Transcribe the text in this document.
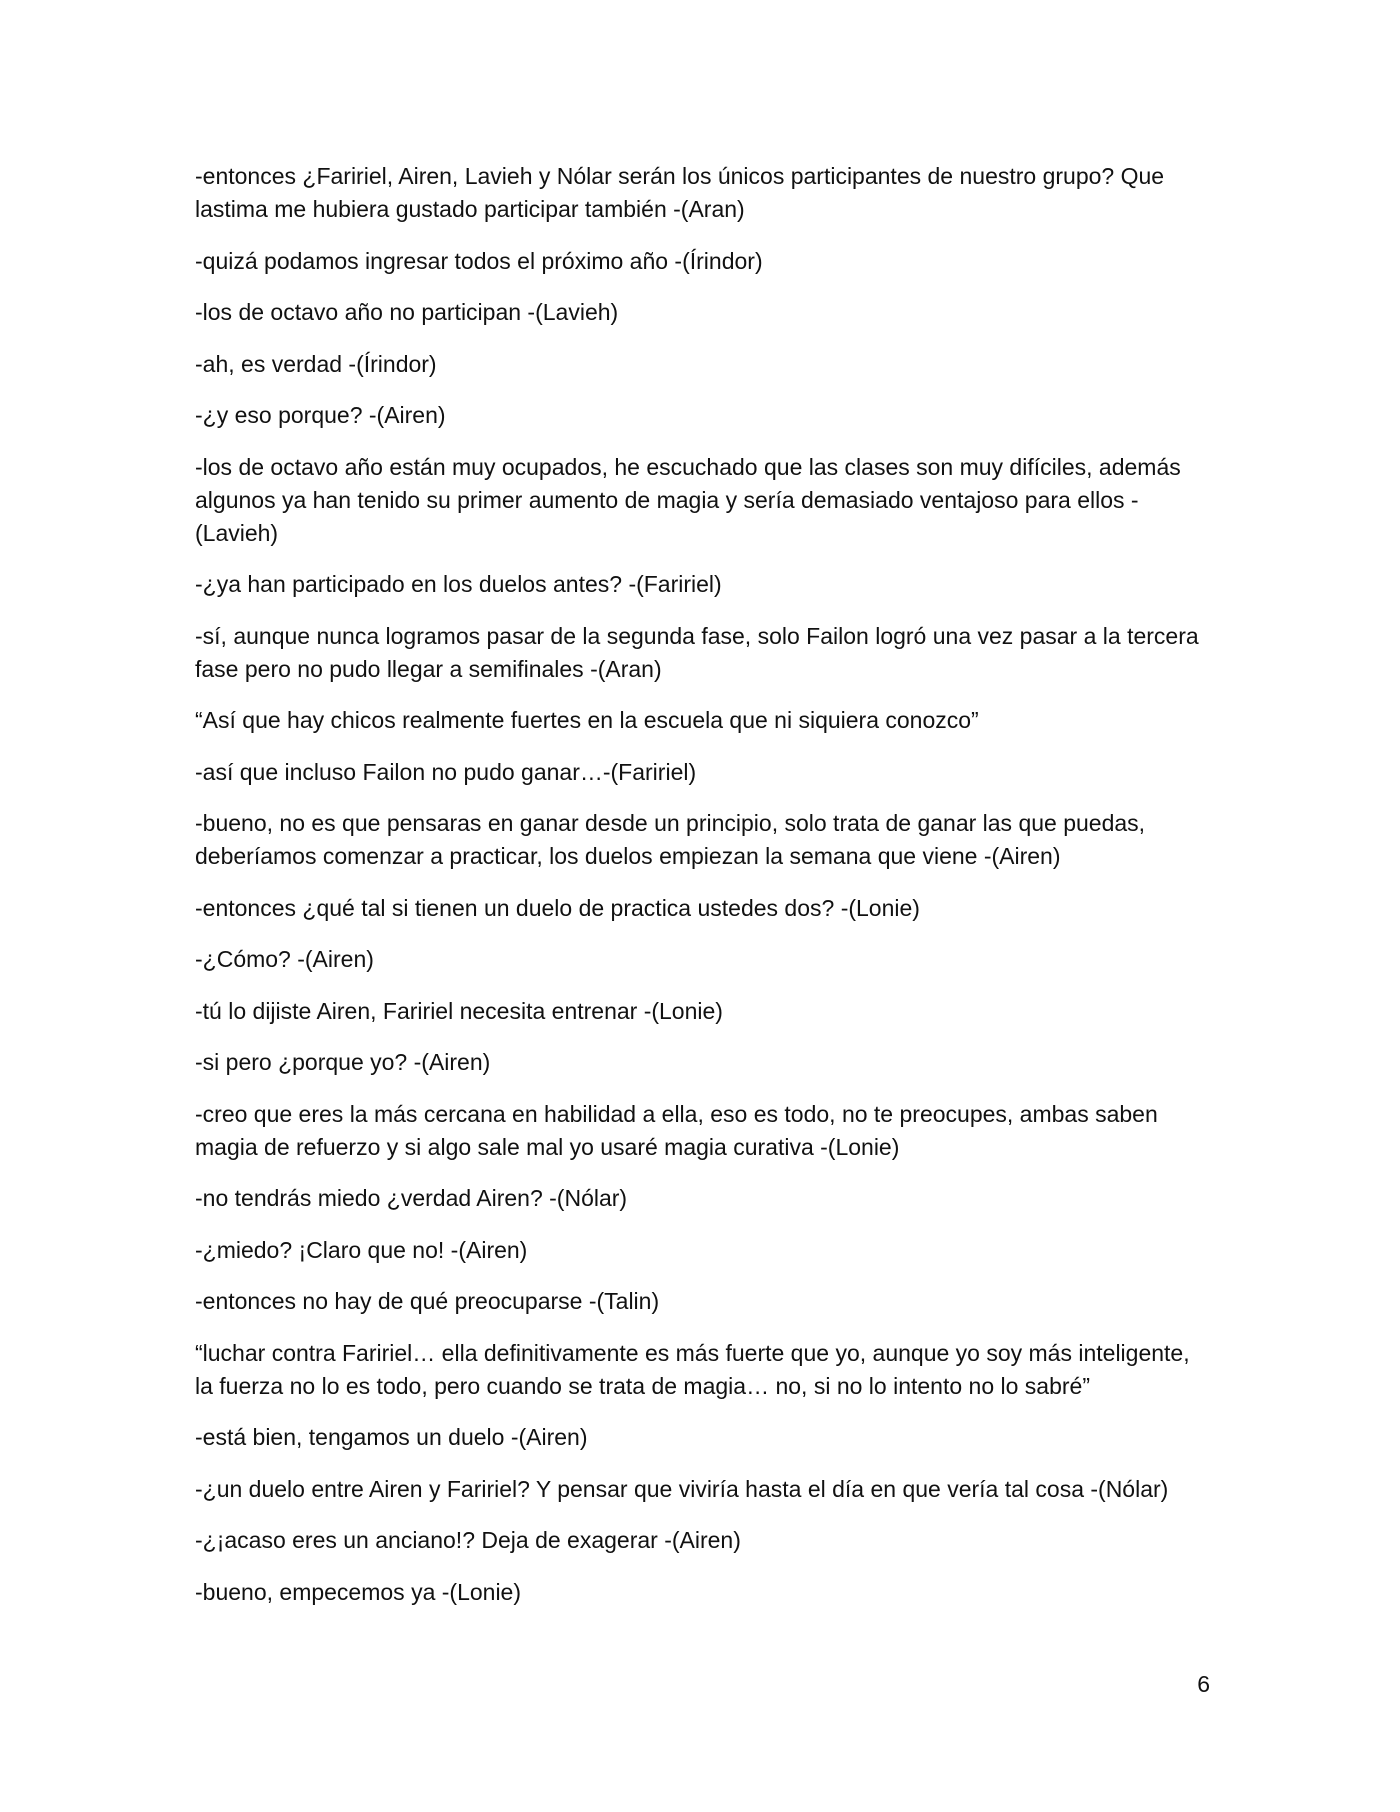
-entonces ¿Faririel, Airen, Lavieh y Nólar serán los únicos participantes de nuestro grupo? Que lastima me hubiera gustado participar también -(Aran)

-quizá podamos ingresar todos el próximo año -(Írindor)

-los de octavo año no participan -(Lavieh)

-ah, es verdad -(Írindor)

-¿y eso porque? -(Airen)

-los de octavo año están muy ocupados, he escuchado que las clases son muy difíciles, además algunos ya han tenido su primer aumento de magia y sería demasiado ventajoso para ellos -(Lavieh)

-¿ya han participado en los duelos antes? -(Faririel)

-sí, aunque nunca logramos pasar de la segunda fase, solo Failon logró una vez pasar a la tercera fase pero no pudo llegar a semifinales -(Aran)

“Así que hay chicos realmente fuertes en la escuela que ni siquiera conozco”

-así que incluso Failon no pudo ganar…-(Faririel)

-bueno, no es que pensaras en ganar desde un principio, solo trata de ganar las que puedas, deberíamos comenzar a practicar, los duelos empiezan la semana que viene -(Airen)

-entonces ¿qué tal si tienen un duelo de practica ustedes dos? -(Lonie)

-¿Cómo? -(Airen)

-tú lo dijiste Airen, Faririel necesita entrenar -(Lonie)

-si pero ¿porque yo? -(Airen)

-creo que eres la más cercana en habilidad a ella, eso es todo, no te preocupes, ambas saben magia de refuerzo y si algo sale mal yo usaré magia curativa -(Lonie)

-no tendrás miedo ¿verdad Airen? -(Nólar)

-¿miedo? ¡Claro que no! -(Airen)

-entonces no hay de qué preocuparse -(Talin)

“luchar contra Faririel… ella definitivamente es más fuerte que yo, aunque yo soy más inteligente, la fuerza no lo es todo, pero cuando se trata de magia… no, si no lo intento no lo sabré”

-está bien, tengamos un duelo -(Airen)

-¿un duelo entre Airen y Faririel? Y pensar que viviría hasta el día en que vería tal cosa -(Nólar)

-¿¡acaso eres un anciano!? Deja de exagerar -(Airen)

-bueno, empecemos ya -(Lonie)

6
